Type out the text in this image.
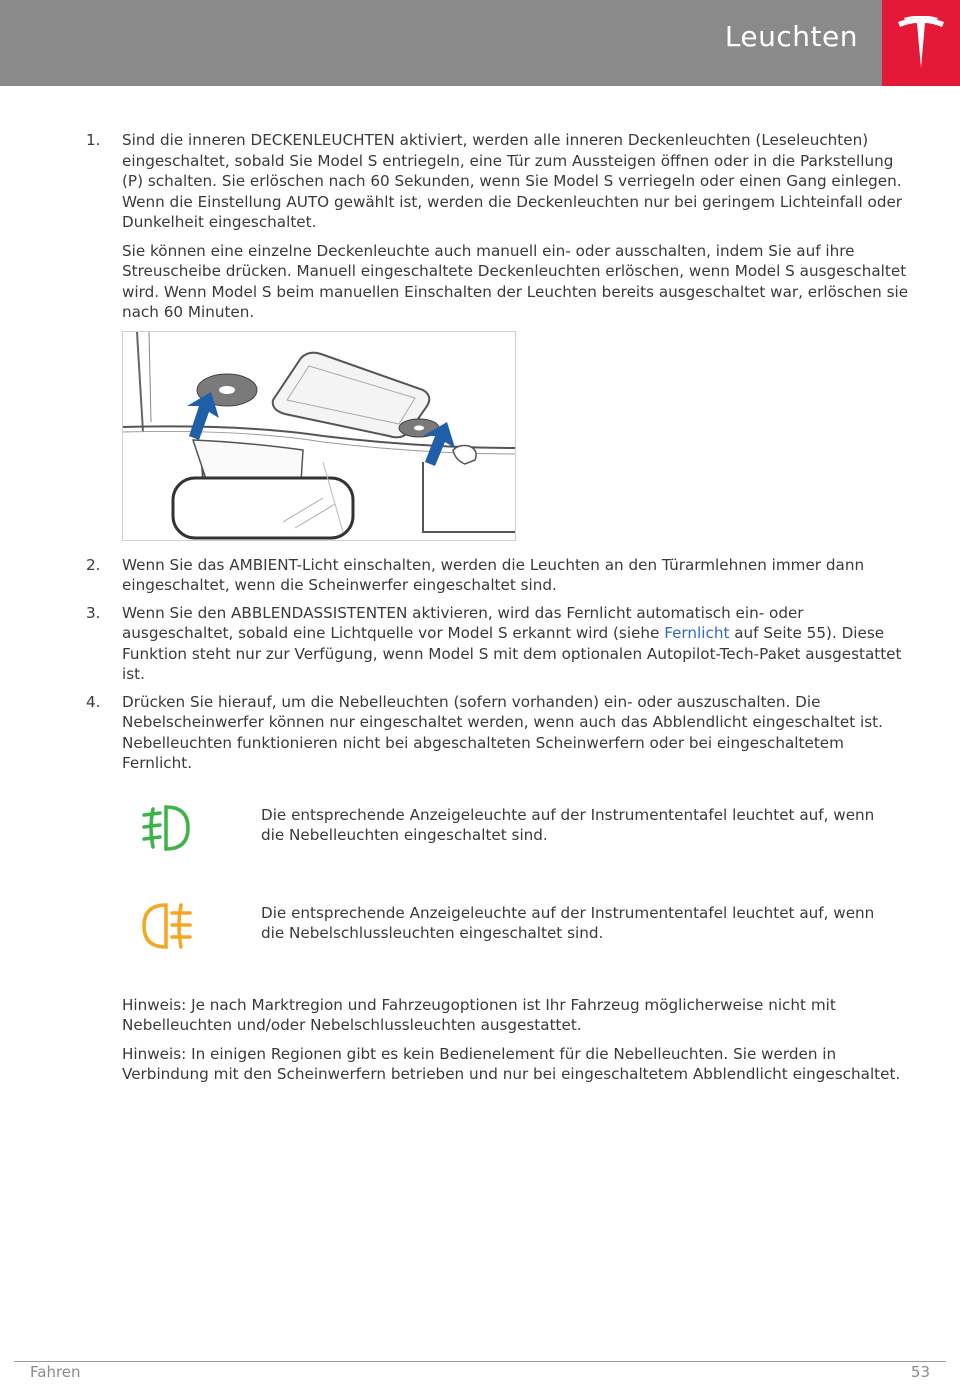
Leuchten
1. Sind die inneren DECKENLEUCHTEN aktiviert, werden alle inneren Deckenleuchten (Leseleuchten) eingeschaltet, sobald Sie Model S entriegeln, eine Tür zum Aussteigen öffnen oder in die Parkstellung (P) schalten. Sie erlöschen nach 60 Sekunden, wenn Sie Model S verriegeln oder einen Gang einlegen. Wenn die Einstellung AUTO gewählt ist, werden die Deckenleuchten nur bei geringem Lichteinfall oder Dunkelheit eingeschaltet.
Sie können eine einzelne Deckenleuchte auch manuell ein- oder ausschalten, indem Sie auf ihre Streuscheibe drücken. Manuell eingeschaltete Deckenleuchten erlöschen, wenn Model S ausgeschaltet wird. Wenn Model S beim manuellen Einschalten der Leuchten bereits ausgeschaltet war, erlöschen sie nach 60 Minuten.
2. Wenn Sie das AMBIENT-Licht einschalten, werden die Leuchten an den Türarmlehnen immer dann eingeschaltet, wenn die Scheinwerfer eingeschaltet sind.
3. Wenn Sie den ABBLENDASSISTENTEN aktivieren, wird das Fernlicht automatisch ein- oder ausgeschaltet, sobald eine Lichtquelle vor Model S erkannt wird (siehe Fernlicht auf Seite 55). Diese Funktion steht nur zur Verfügung, wenn Model S mit dem optionalen Autopilot-Tech-Paket ausgestattet ist.
4. Drücken Sie hierauf, um die Nebelleuchten (sofern vorhanden) ein- oder auszuschalten. Die Nebelscheinwerfer können nur eingeschaltet werden, wenn auch das Abblendlicht eingeschaltet ist. Nebelleuchten funktionieren nicht bei abgeschalteten Scheinwerfern oder bei eingeschaltetem Fernlicht.
Die entsprechende Anzeigeleuchte auf der Instrumententafel leuchtet auf, wenn die Nebelleuchten eingeschaltet sind.
Die entsprechende Anzeigeleuchte auf der Instrumententafel leuchtet auf, wenn die Nebelschlussleuchten eingeschaltet sind.
Hinweis: Je nach Marktregion und Fahrzeugoptionen ist Ihr Fahrzeug möglicherweise nicht mit Nebelleuchten und/oder Nebelschlussleuchten ausgestattet.
Hinweis: In einigen Regionen gibt es kein Bedienelement für die Nebelleuchten. Sie werden in Verbindung mit den Scheinwerfern betrieben und nur bei eingeschaltetem Abblendlicht eingeschaltet.
Fahren	53
